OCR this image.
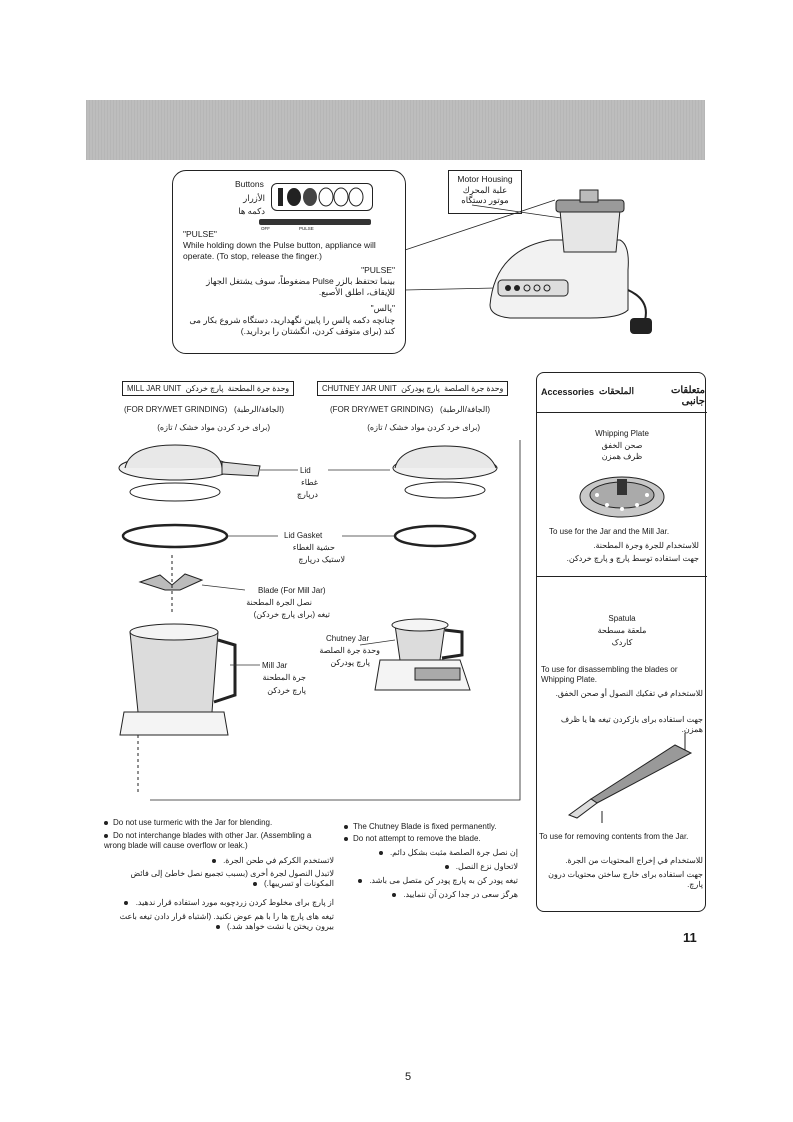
Buttons
الأزرار
دکمه ها
OFF	PULSE
"PULSE"
While holding down the Pulse button, appliance will operate. (To stop, release the finger.)
"PULSE"
بينما تحتفظ بالزر Pulse مضغوطاً، سوف يشتغل الجهاز للإيقاف، اطلق الأصبع.
"پالس"
چنانچه دکمه پالس را پایین نگهدارید، دستگاه شروع بکار می کند (برای متوقف کردن، انگشتان را بردارید.)
Motor Housing
علبة المحرك
موتور دستگاه
MILL JAR UNIT	وحدة جرة المطحنة  پارچ خردکن
(FOR DRY/WET GRINDING) (الجافة/الرطبة)
(برای خرد کردن مواد خشک / تازه)
CHUTNEY JAR UNIT	وحدة جرة الصلصة  پارچ پودرکن
(FOR DRY/WET GRINDING) (الجافة/الرطبة)
(برای خرد کردن مواد خشک / تازه)
Lid
غطاء
درپارچ
Lid Gasket
حشية الغطاء
لاستیک درپارچ
Blade (For Mill Jar)
نصل الجرة المطحنة
تیغه (برای پارچ خردکن)
Chutney Jar
وحدة جرة الصلصة
پارچ پودرکن
Mill Jar
جرة المطحنة
پارچ خردکن
Accessories الملحقات	متعلقات جانبی
Whipping Plate
صحن الخفق
ظرف همزن
To use for the Jar and the Mill Jar.
للاستخدام للجرة وجرة المطحنة.
جهت استفاده توسط پارچ و پارچ خردکن.
Spatula
ملعقة مسطحة
کاردک
To use for disassembling the blades or Whipping Plate.
للاستخدام في تفكيك النصول أو صحن الخفق.
جهت استفاده برای بازکردن تیغه ها یا ظرف همزن.
To use for removing contents from the Jar.
للاستخدام في إخراج المحتويات من الجرة.
جهت استفاده برای خارج ساختن محتویات درون پارچ.
Do not use turmeric with the Jar for blending.
Do not interchange blades with other Jar. (Assembling a wrong blade will cause overflow or leak.)
لاتستخدم الكركم في طحن الجرة.
لاتبدل النصول لجرة أخرى (بسبب تجميع نصل خاطئ إلى فائض المكونات أو تسريبها.)
از پارچ برای مخلوط کردن زردچوبه مورد استفاده قرار ندهید.
تیغه های پارچ ها را با هم عوض نکنید. (اشتباه قرار دادن تیغه باعث بیرون ریختن یا نشت خواهد شد.)
The Chutney Blade is fixed permanently.
Do not attempt to remove the blade.
إن نصل جرة الصلصة مثبت بشكل دائم.
لاتحاول نزع النصل.
تیغه پودر کن به پارچ پودر کن متصل می باشد.
هرگز سعی در جدا کردن آن ننمایید.
11
5
